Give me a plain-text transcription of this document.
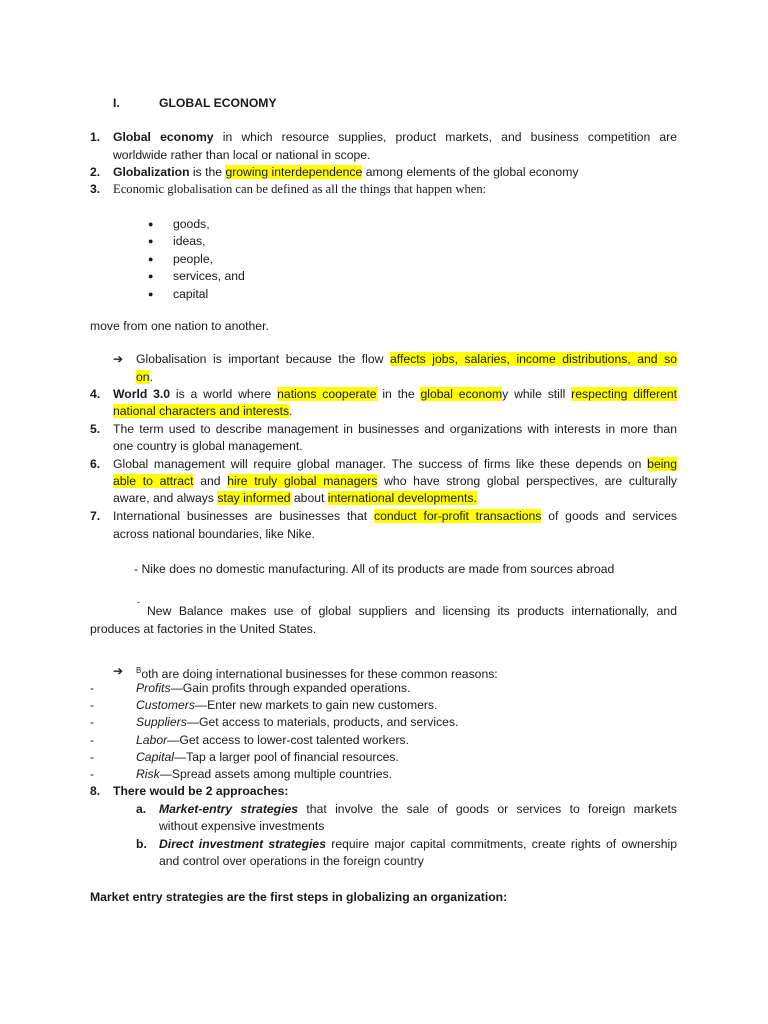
I.	GLOBAL ECONOMY
1.	Global economy in which resource supplies, product markets, and business competition are
worldwide rather than local or national in scope.
2.	Globalization is the growing interdependence among elements of the global economy
3.	Economic globalisation can be defined as all the things that happen when:
● goods,
● ideas,
● people,
● services, and
● capital
move from one nation to another.
➔ Globalisation is important because the flow affects jobs, salaries, income distributions, and so
on.
4.	World 3.0 is a world where nations cooperate in the global economy while still respecting different
national characters and interests.
5.	The term used to describe management in businesses and organizations with interests in more than
one country is global management.
6.	Global management will require global manager. The success of firms like these depends on being
able to attract and hire truly global managers who have strong global perspectives, are culturally
aware, and always stay informed about international developments.
7.	International businesses are businesses that conduct for-profit transactions of goods and services
across national boundaries, like Nike.
- Nike does no domestic manufacturing. All of its products are made from sources abroad
-
New Balance makes use of global suppliers and licensing its products internationally, and
produces at factories in the United States.
➔ $^B$oth are doing international businesses for these common reasons:
-	Profits—Gain profits through expanded operations.
-	Customers—Enter new markets to gain new customers.
-	Suppliers—Get access to materials, products, and services.
-	Labor—Get access to lower-cost talented workers.
-	Capital—Tap a larger pool of financial resources.
-	Risk—Spread assets among multiple countries.
8.	There would be 2 approaches:
a.	Market-entry strategies that involve the sale of goods or services to foreign markets
without expensive investments
b. Direct investment strategies require major capital commitments, create rights of ownership
and control over operations in the foreign country
Market entry strategies are the first steps in globalizing an organization:
